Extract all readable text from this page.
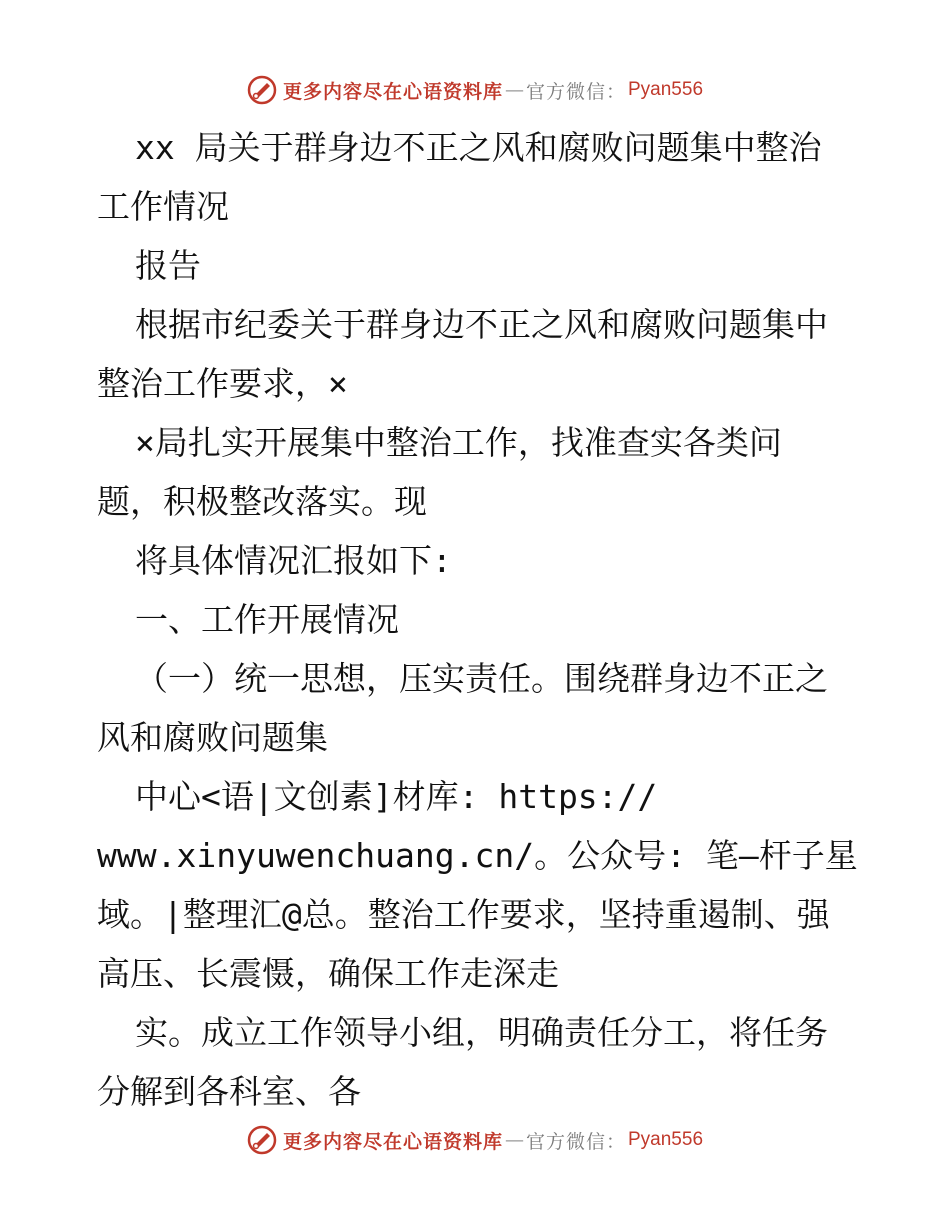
更多内容尽在心语资料库 — 官方微信： Pyan556
xx 局关于群身边不正之风和腐败问题集中整治
工作情况
报告
根据市纪委关于群身边不正之风和腐败问题集中
整治工作要求，×
×局扎实开展集中整治工作，找准查实各类问
题，积极整改落实。现
将具体情况汇报如下:
一、工作开展情况
（一）统一思想，压实责任。围绕群身边不正之
风和腐败问题集
中心<语|文创素]材库: https://
www.xinyuwenchuang.cn/。公众号: 笔—杆子星
域。|整理汇@总。整治工作要求，坚持重遏制、强
高压、长震慑，确保工作走深走
实。成立工作领导小组，明确责任分工，将任务
分解到各科室、各
更多内容尽在心语资料库 — 官方微信： Pyan556
